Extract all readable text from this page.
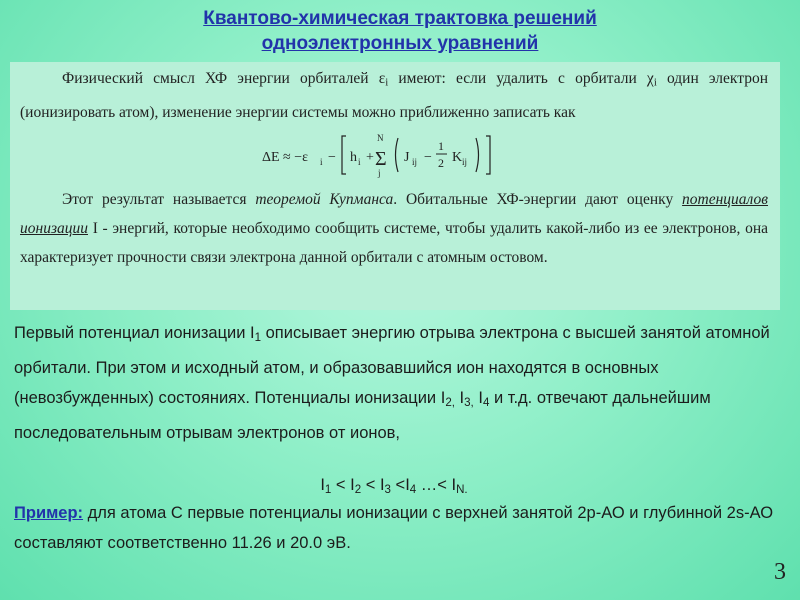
Квантово-химическая трактовка решений
одноэлектронных уравнений
Физический смысл ХФ энергии орбиталей $\varepsilon_i$ имеют: если удалить с орбитали $\chi_i$ один электрон (ионизировать атом), изменение энергии системы можно приближенно записать как
ΔE ≈ −ε i − h i +
N
Σ
j
J ij −
1
2 K ij
Этот результат называется теоремой Купманса. Обитальные ХФ-энергии дают оценку потенциалов ионизации I - энергий, которые необходимо сообщить системе, чтобы удалить какой-либо из ее электронов, она характеризует прочности связи электрона данной орбитали с атомным остовом.
Первый потенциал ионизации $I_1$ описывает энергию отрыва электрона с высшей занятой атомной орбитали. При этом и исходный атом, и образовавшийся ион находятся в основных (невозбужденных) состояниях. Потенциалы ионизации $I_{2,}$ $I_{3,}$ $I_4$ и т.д. отвечают дальнейшим последовательным отрывам электронов от ионов,
$I_1 < I_2 < I_3 <I_4$ …< $I_{N.}$
Пример: для атома С первые потенциалы ионизации с верхней занятой 2р-АО и глубинной 2s-АО составляют соответственно 11.26 и 20.0 эВ.
3
